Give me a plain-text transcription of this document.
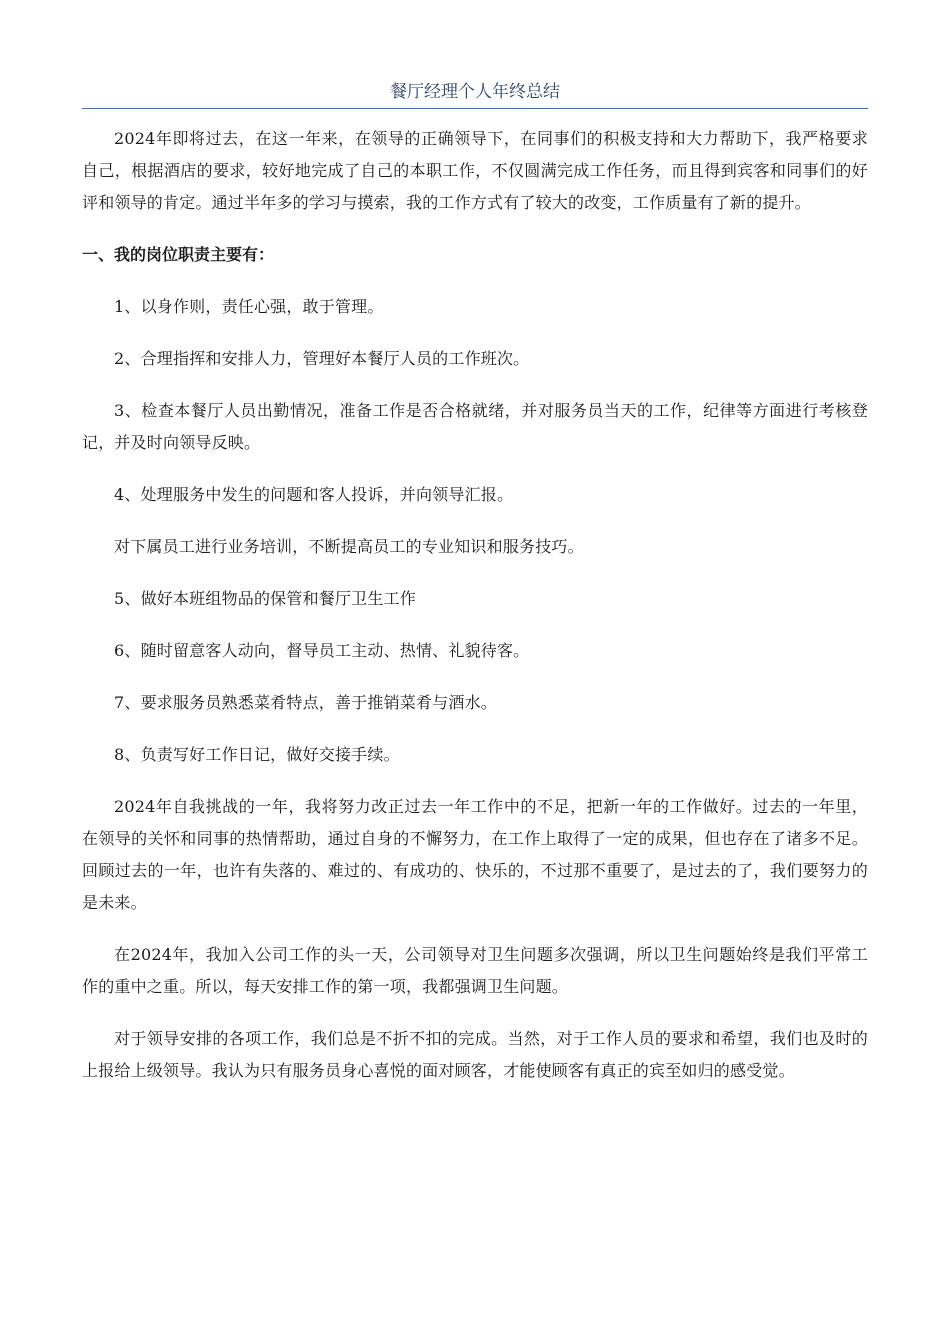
餐厅经理个人年终总结

2024年即将过去，在这一年来，在领导的正确领导下，在同事们的积极支持和大力帮助下，我严格要求自己，根据酒店的要求，较好地完成了自己的本职工作，不仅圆满完成工作任务，而且得到宾客和同事们的好评和领导的肯定。通过半年多的学习与摸索，我的工作方式有了较大的改变，工作质量有了新的提升。

一、我的岗位职责主要有：

1、以身作则，责任心强，敢于管理。

2、合理指挥和安排人力，管理好本餐厅人员的工作班次。

3、检查本餐厅人员出勤情况，准备工作是否合格就绪，并对服务员当天的工作，纪律等方面进行考核登记，并及时向领导反映。

4、处理服务中发生的问题和客人投诉，并向领导汇报。

对下属员工进行业务培训，不断提高员工的专业知识和服务技巧。

5、做好本班组物品的保管和餐厅卫生工作

6、随时留意客人动向，督导员工主动、热情、礼貌待客。

7、要求服务员熟悉菜肴特点，善于推销菜肴与酒水。

8、负责写好工作日记，做好交接手续。

2024年自我挑战的一年，我将努力改正过去一年工作中的不足，把新一年的工作做好。过去的一年里，在领导的关怀和同事的热情帮助，通过自身的不懈努力，在工作上取得了一定的成果，但也存在了诸多不足。回顾过去的一年，也许有失落的、难过的、有成功的、快乐的，不过那不重要了，是过去的了，我们要努力的是未来。

在2024年，我加入公司工作的头一天，公司领导对卫生问题多次强调，所以卫生问题始终是我们平常工作的重中之重。所以，每天安排工作的第一项，我都强调卫生问题。

对于领导安排的各项工作，我们总是不折不扣的完成。当然，对于工作人员的要求和希望，我们也及时的上报给上级领导。我认为只有服务员身心喜悦的面对顾客，才能使顾客有真正的宾至如归的感受觉。
